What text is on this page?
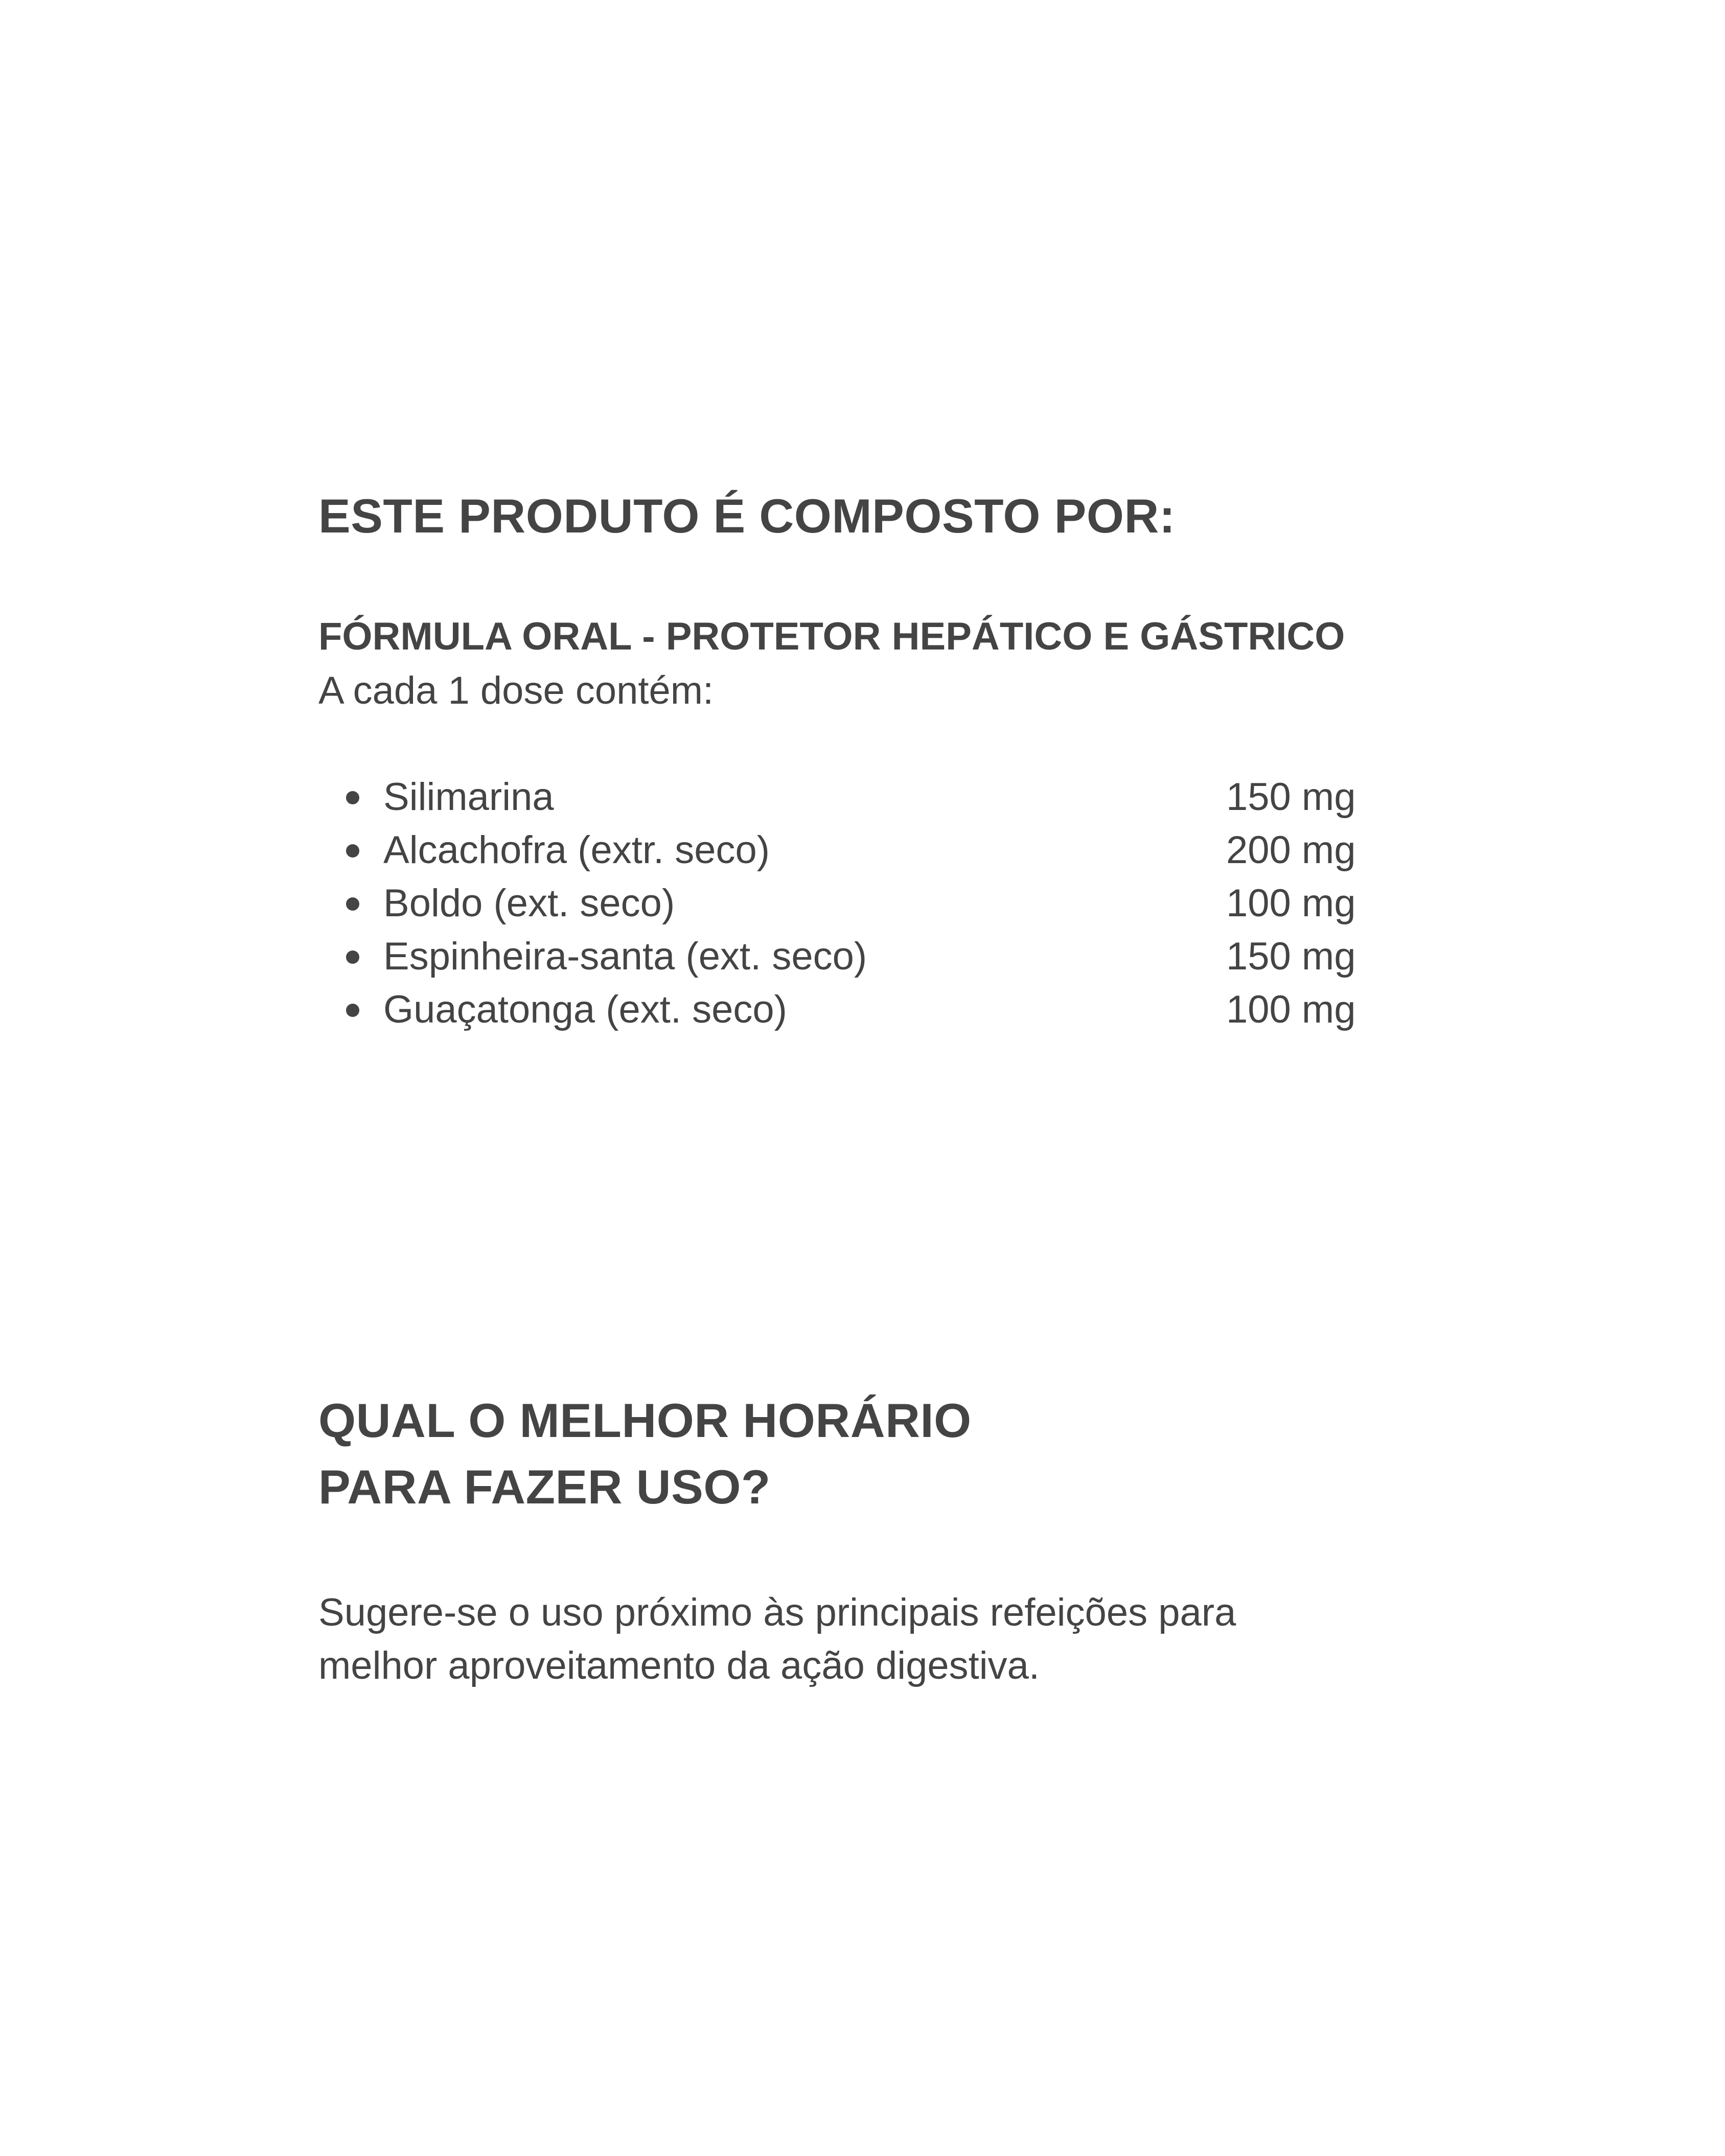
ESTE PRODUTO É COMPOSTO POR:
FÓRMULA ORAL - PROTETOR HEPÁTICO E GÁSTRICO

A cada 1 dose contém:

Silimarina	150 mg
Alcachofra (extr. seco)	200 mg
Boldo (ext. seco)	100 mg
Espinheira-santa (ext. seco)	150 mg
Guaçatonga (ext. seco)	100 mg
QUAL O MELHOR HORÁRIO
PARA FAZER USO?

Sugere-se o uso próximo às principais refeições para
melhor aproveitamento da ação digestiva.
